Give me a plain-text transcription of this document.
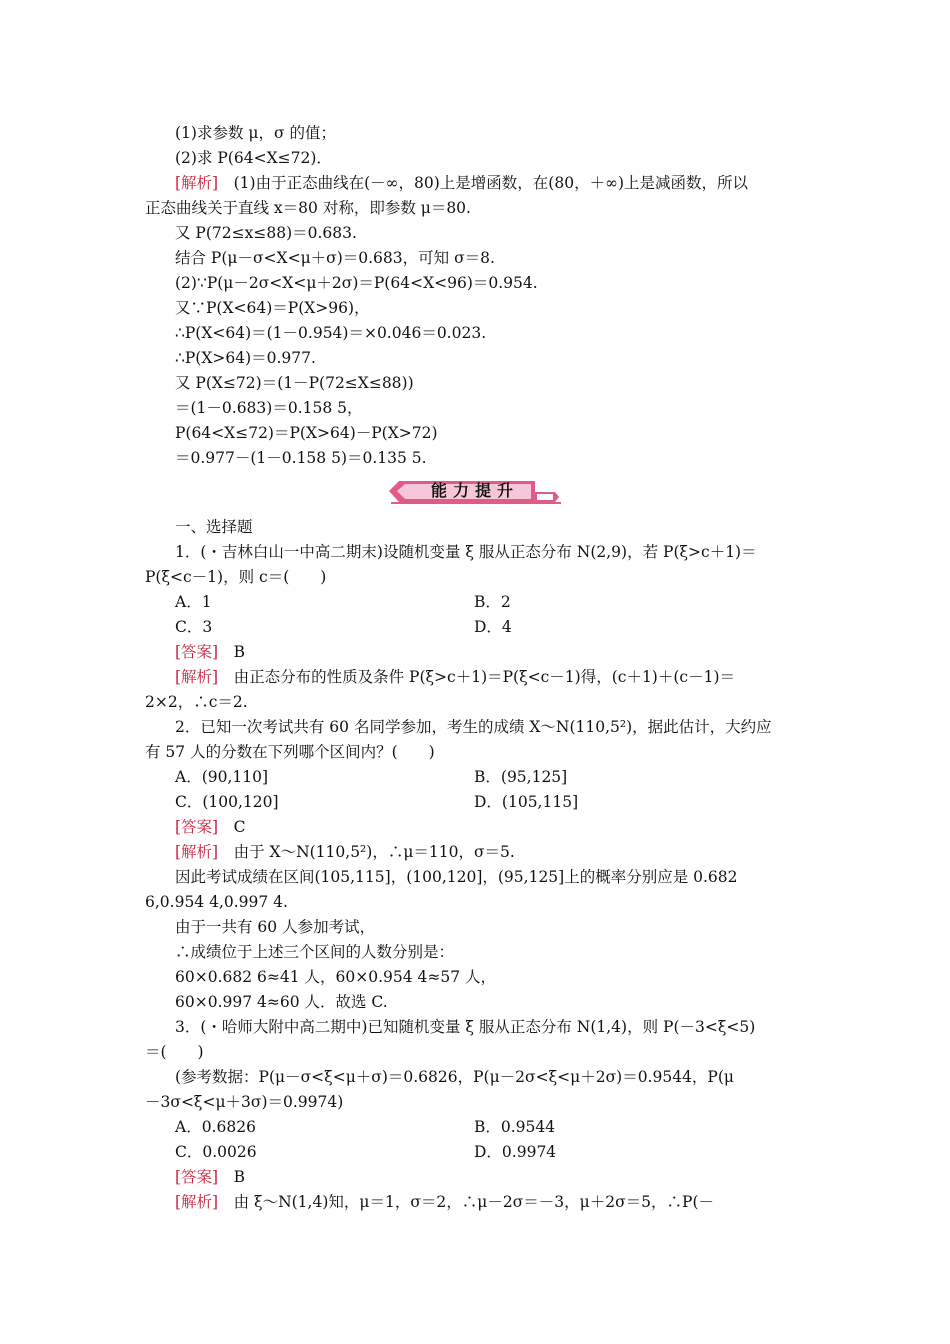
(1)求参数 μ，σ 的值；
(2)求 P(64<X≤72)．
[解析]　(1)由于正态曲线在(－∞，80)上是增函数，在(80，＋∞)上是减函数，所以
正态曲线关于直线 x＝80 对称，即参数 μ＝80.
又 P(72≤x≤88)＝0.683.
结合 P(μ－σ<X<μ＋σ)＝0.683，可知 σ＝8.
(2)∵P(μ－2σ<X<μ＋2σ)＝P(64<X<96)＝0.954.
又∵P(X<64)＝P(X>96)，
∴P(X<64)＝(1－0.954)＝×0.046＝0.023.
∴P(X>64)＝0.977.
又 P(X≤72)＝(1－P(72≤X≤88))
＝(1－0.683)＝0.158 5，
P(64<X≤72)＝P(X>64)－P(X>72)
＝0.977－(1－0.158 5)＝0.135 5.
能力提升
一、选择题
1．(・吉林白山一中高二期末)设随机变量 ξ 服从正态分布 N(2,9)，若 P(ξ>c＋1)＝
P(ξ<c－1)，则 c＝(　　)
A．1	B．2
C．3	D．4
[答案]　B
[解析]　由正态分布的性质及条件 P(ξ>c＋1)＝P(ξ<c－1)得，(c＋1)＋(c－1)＝
2×2，∴c＝2.
2．已知一次考试共有 60 名同学参加，考生的成绩 X～N(110,5²)，据此估计，大约应
有 57 人的分数在下列哪个区间内？(　　)
A．(90,110]	B．(95,125]
C．(100,120]	D．(105,115]
[答案]　C
[解析]　由于 X～N(110,5²)，∴μ＝110，σ＝5.
因此考试成绩在区间(105,115]，(100,120]，(95,125]上的概率分别应是 0.682
6,0.954 4,0.997 4.
由于一共有 60 人参加考试，
∴成绩位于上述三个区间的人数分别是：
60×0.682 6≈41 人，60×0.954 4≈57 人，
60×0.997 4≈60 人．故选 C.
3．(・哈师大附中高二期中)已知随机变量 ξ 服从正态分布 N(1,4)，则 P(－3<ξ<5)
＝(　　)
(参考数据：P(μ－σ<ξ<μ＋σ)＝0.6826，P(μ－2σ<ξ<μ＋2σ)＝0.9544，P(μ
－3σ<ξ<μ＋3σ)＝0.9974)
A．0.6826	B．0.9544
C．0.0026	D．0.9974
[答案]　B
[解析]　由 ξ～N(1,4)知，μ＝1，σ＝2，∴μ－2σ＝－3，μ＋2σ＝5，∴P(－
